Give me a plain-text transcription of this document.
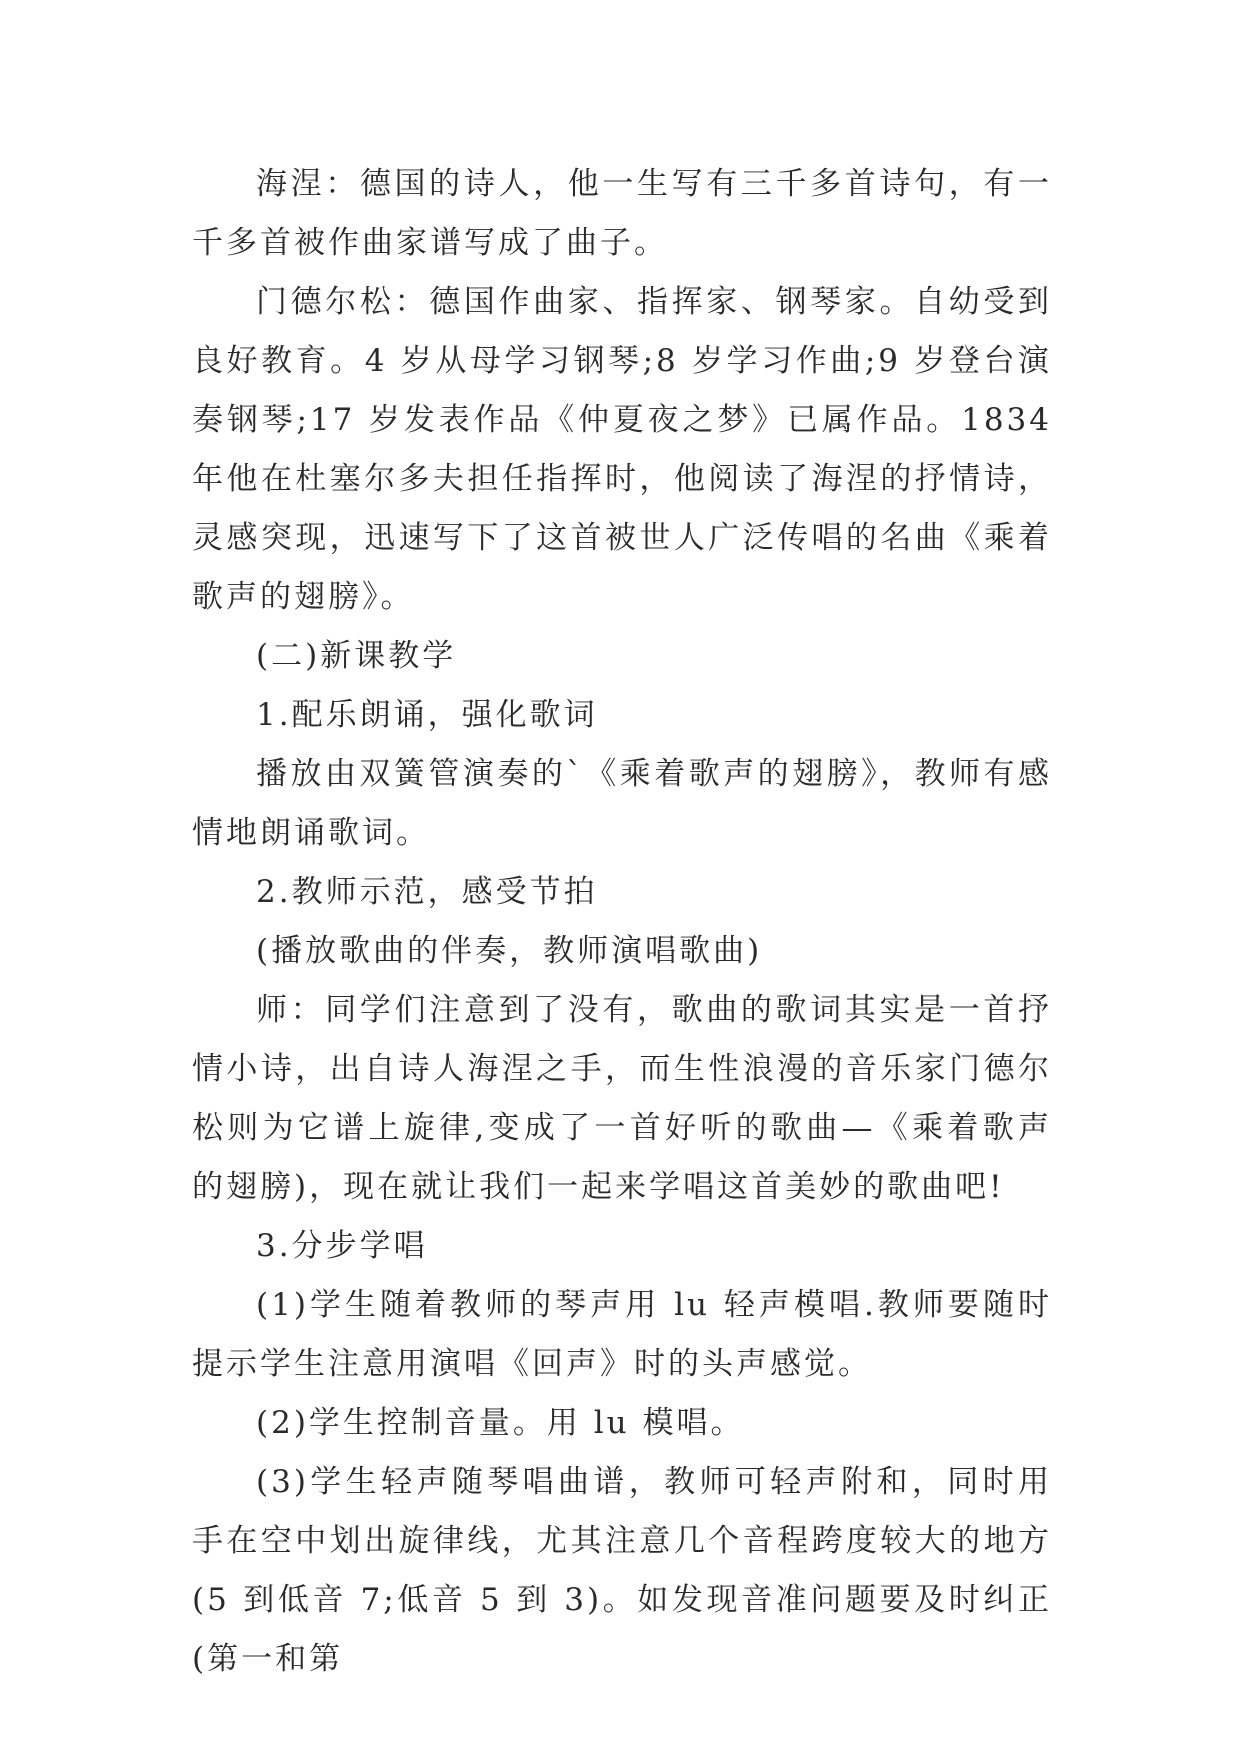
海涅：德国的诗人，他一生写有三千多首诗句，有一千多首被作曲家谱写成了曲子。

门德尔松：德国作曲家、指挥家、钢琴家。自幼受到良好教育。4 岁从母学习钢琴;8 岁学习作曲;9 岁登台演奏钢琴;17 岁发表作品《仲夏夜之梦》已属作品。1834 年他在杜塞尔多夫担任指挥时，他阅读了海涅的抒情诗，灵感突现，迅速写下了这首被世人广泛传唱的名曲《乘着歌声的翅膀》。

(二)新课教学

1.配乐朗诵，强化歌词

播放由双簧管演奏的`《乘着歌声的翅膀》，教师有感情地朗诵歌词。

2.教师示范，感受节拍

(播放歌曲的伴奏，教师演唱歌曲)

师：同学们注意到了没有，歌曲的歌词其实是一首抒情小诗，出自诗人海涅之手，而生性浪漫的音乐家门德尔松则为它谱上旋律,变成了一首好听的歌曲—《乘着歌声的翅膀)，现在就让我们一起来学唱这首美妙的歌曲吧!

3.分步学唱

(1)学生随着教师的琴声用 lu 轻声模唱.教师要随时提示学生注意用演唱《回声》时的头声感觉。

(2)学生控制音量。用 lu 模唱。

(3)学生轻声随琴唱曲谱，教师可轻声附和，同时用手在空中划出旋律线，尤其注意几个音程跨度较大的地方(5 到低音 7;低音 5 到 3)。如发现音准问题要及时纠正(第一和第
